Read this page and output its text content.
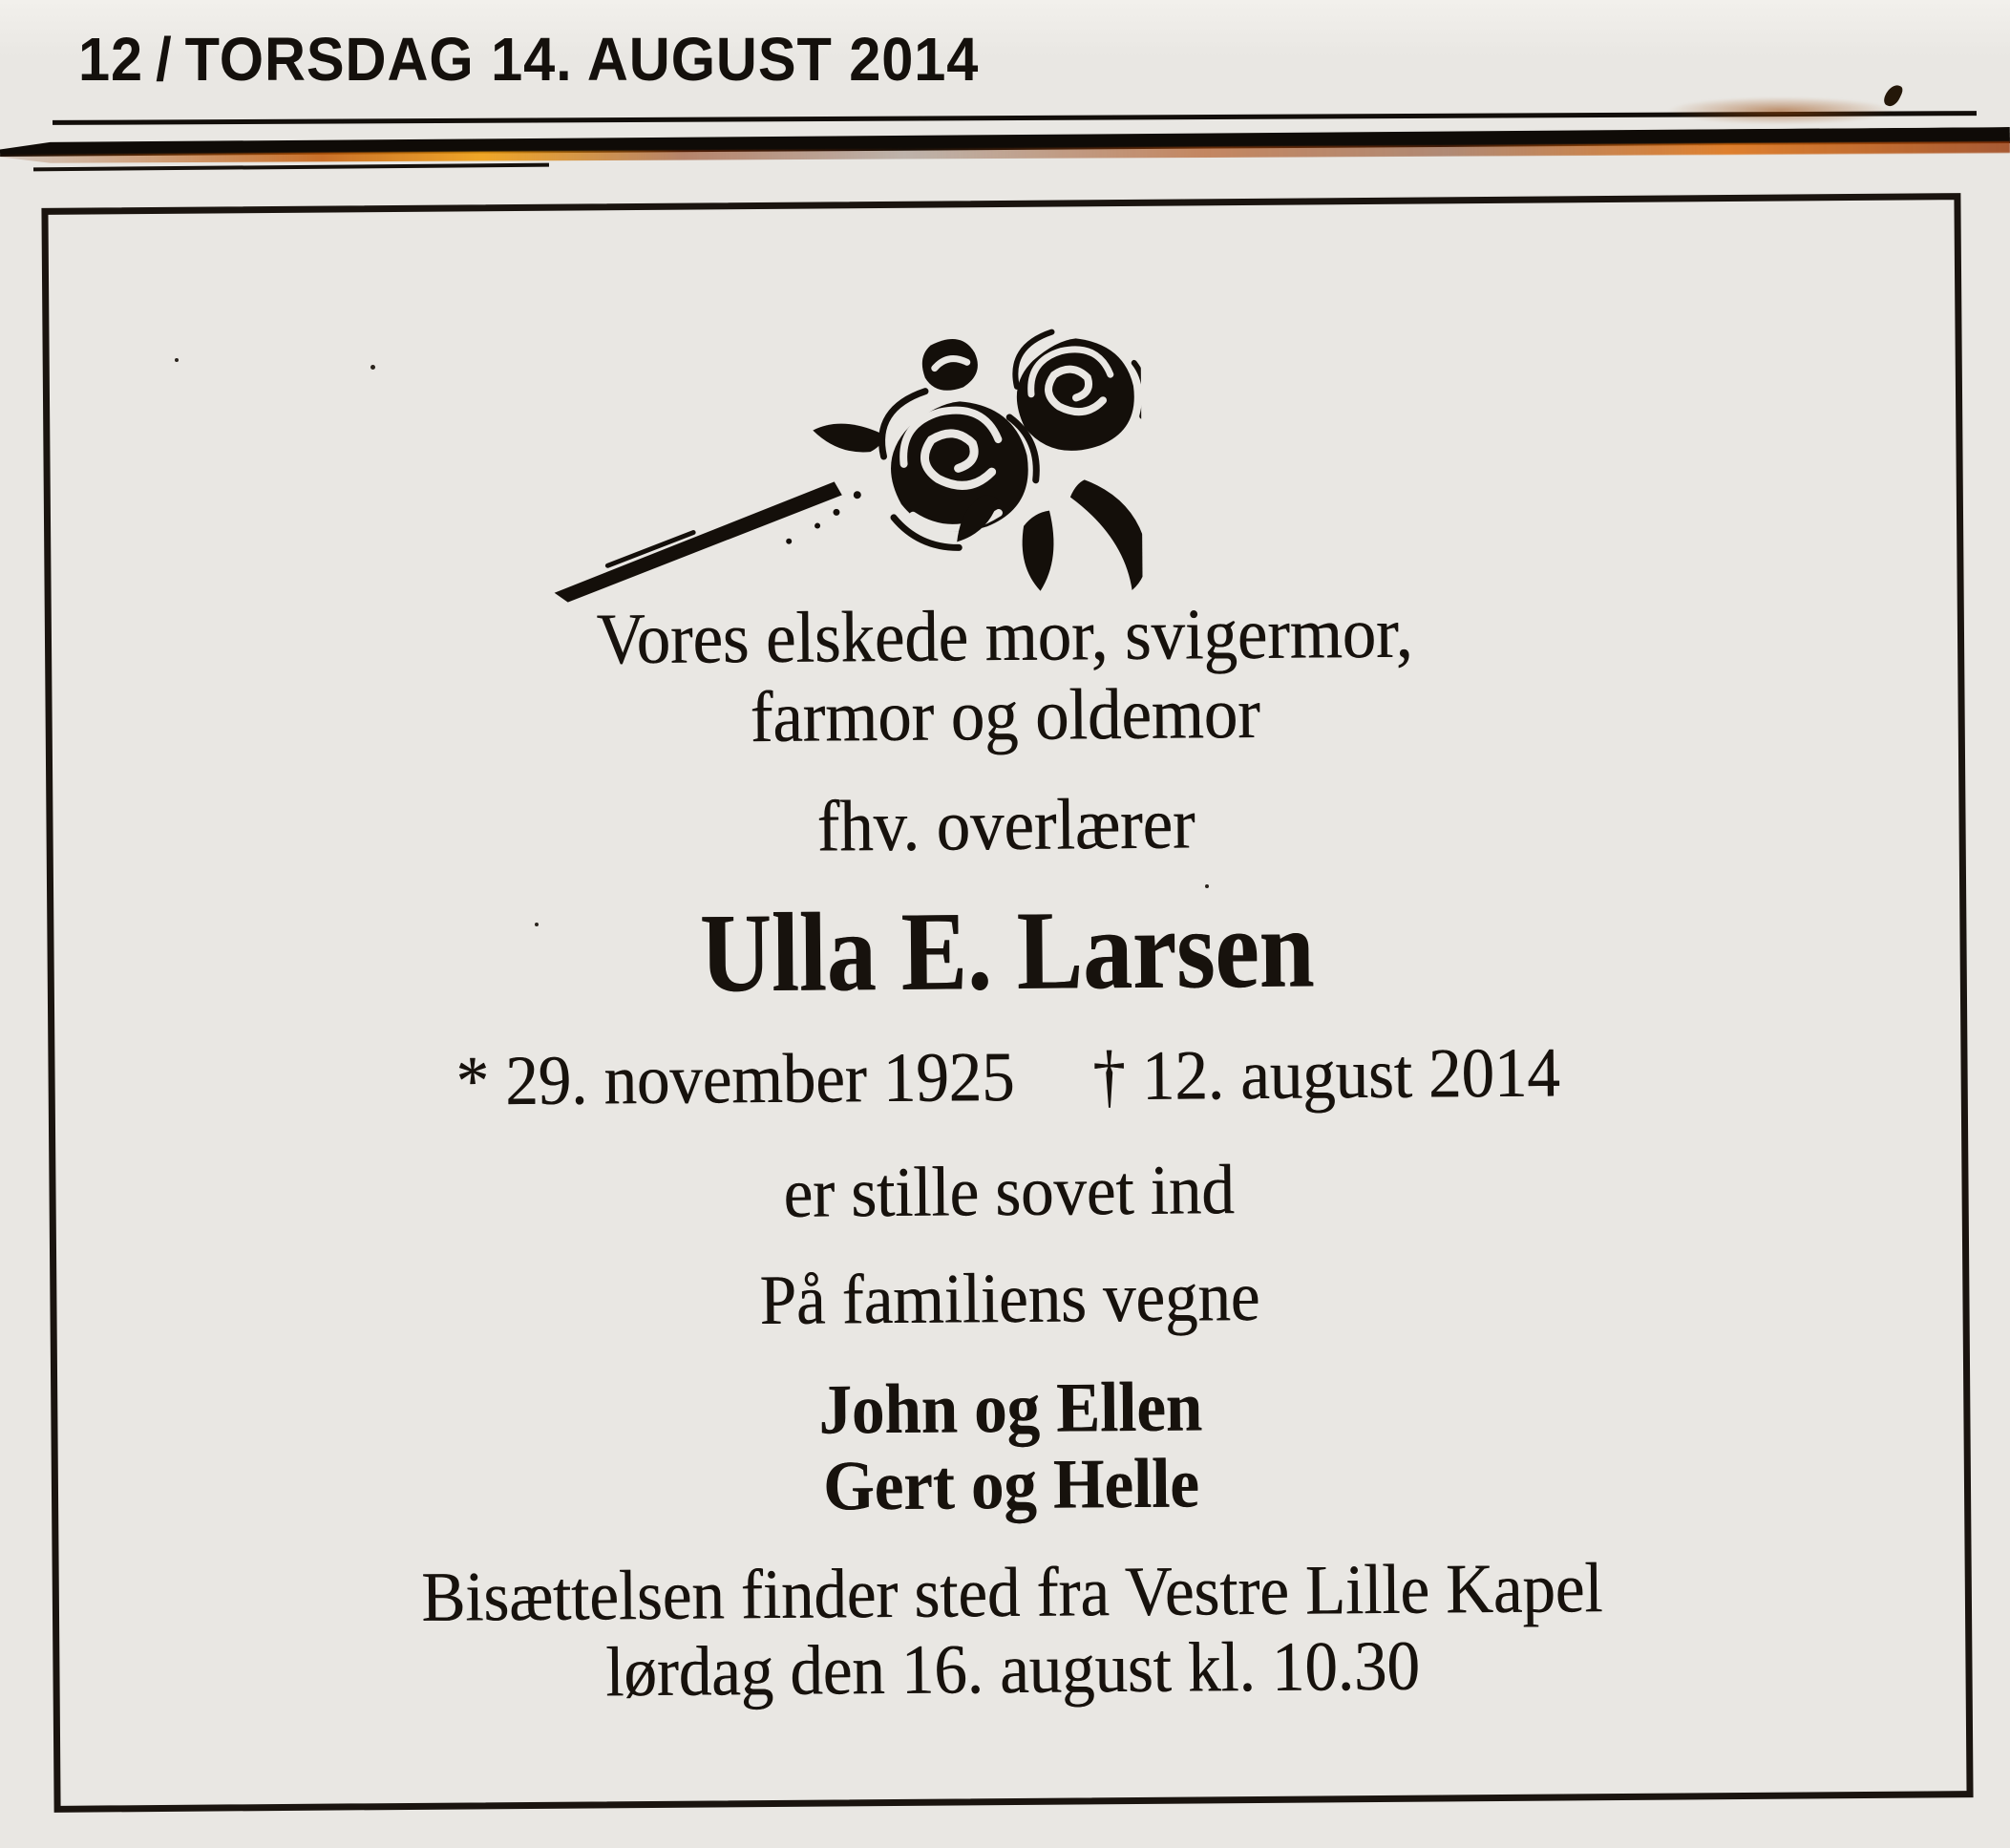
12 / TORSDAG 14. AUGUST 2014
Vores elskede mor, svigermor,
farmor og oldemor
fhv. overlærer
Ulla E. Larsen
* 29. november 1925 † 12. august 2014
er stille sovet ind
På familiens vegne
John og Ellen
Gert og Helle
Bisættelsen finder sted fra Vestre Lille Kapel
lørdag den 16. august kl. 10.30
